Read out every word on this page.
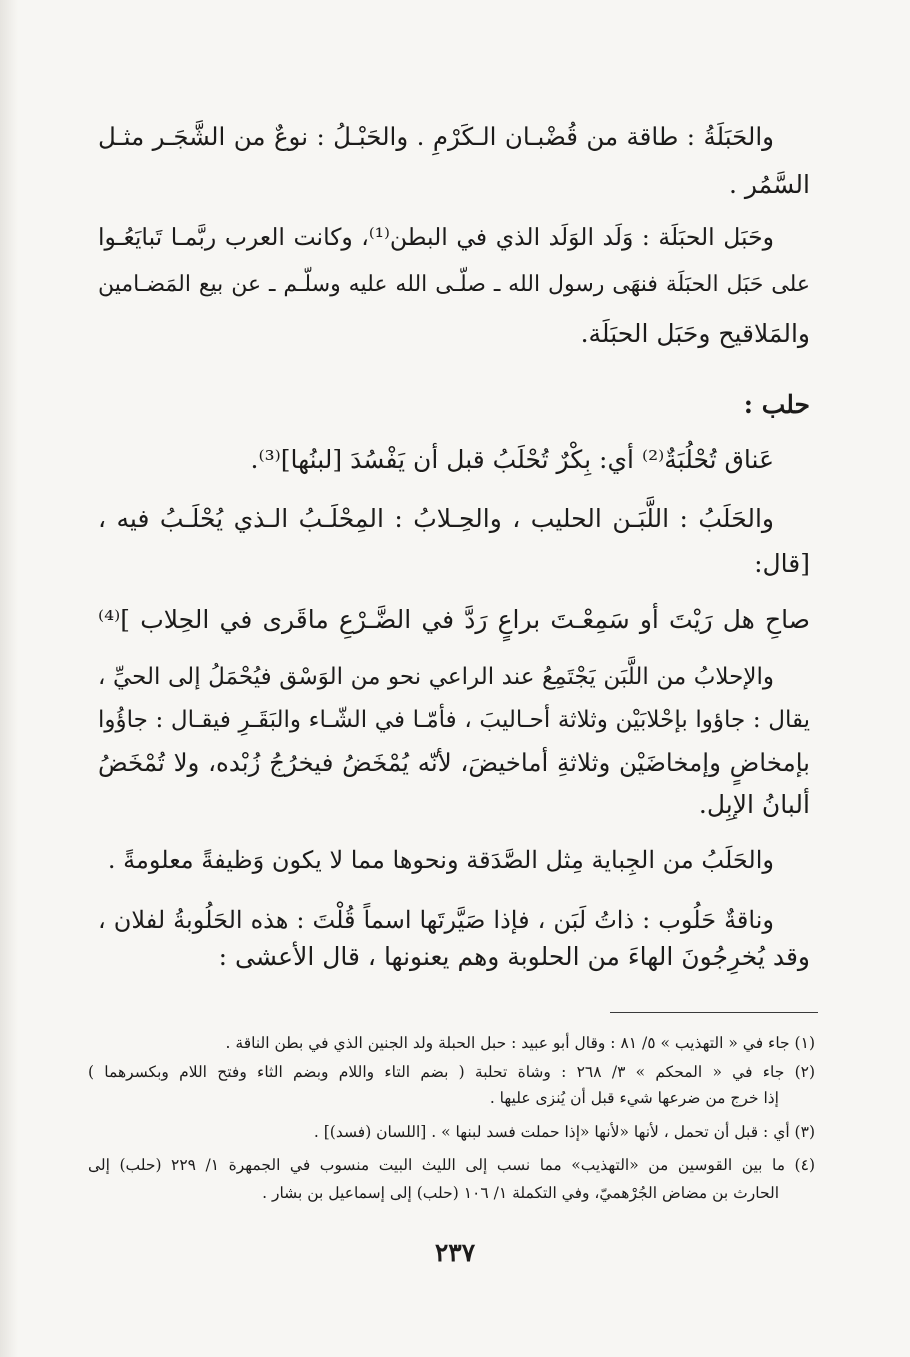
والحَبَلَةُ : طاقة من قُضْبـان الـكَرْمِ . والحَبْـلُ : نوعٌ من الشَّجَـر مثـل
السَّمُر .
وحَبَل الحبَلَة : وَلَد الوَلَد الذي في البطن⁽¹⁾، وكانت العرب ربَّمـا تَبايَعُـوا
على حَبَل الحبَلَة فنهَى رسول الله ـ صلّـى الله عليه وسلّـم ـ عن بيع المَضـامين
والمَلاقيح وحَبَل الحبَلَة.
حلب :
عَناق تُحْلُبَةٌ⁽²⁾ أي: بِكْرٌ تُحْلَبُ قبل أن يَفْسُدَ [لبنُها]⁽³⁾.
والحَلَبُ : اللَّبَـن الحليب ، والحِـلابُ : المِحْلَـبُ الـذي يُحْلَـبُ فيه ،
[قال:
صاحِ هل رَيْتَ أو سَمِعْـتَ براعٍ رَدَّ في الضَّـرْعِ ماقَرى في الحِلاب ]⁽⁴⁾
والإحلابُ من اللَّبَن يَجْتَمِعُ عند الراعي نحو من الوَسْق فيُحْمَلُ إلى الحيِّ ،
يقال : جاؤوا بإحْلابَيْن وثلاثة أحـاليبَ ، فأمّـا في الشّـاء والبَقَـرِ فيقـال : جاؤُوا
بإمخاضٍ وإمخاضَيْن وثلاثةِ أماخيضَ، لأنّه يُمْخَضُ فيخرُجُ زُبْده، ولا تُمْخَضُ
ألبانُ الإبِل.
والحَلَبُ من الجِباية مِثل الصَّدَقة ونحوها مما لا يكون وَظيفةً معلومةً .
وناقةٌ حَلُوب : ذاتُ لَبَن ، فإذا صَيَّرتَها اسماً قُلْتَ : هذه الحَلُوبةُ لفلان ،
وقد يُخرِجُونَ الهاءَ من الحلوبة وهم يعنونها ، قال الأعشى :
(١) جاء في « التهذيب » ٥/ ٨١ : وقال أبو عبيد : حبل الحبلة ولد الجنين الذي في بطن الناقة .
(٢) جاء في « المحكم » ٣/ ٢٦٨ : وشاة تحلبة ( بضم التاء واللام وبضم الثاء وفتح اللام وبكسرهما )
إذا خرج من ضرعها شيء قبل أن يُنزى عليها .
(٣) أي : قبل أن تحمل ، لأنها «لأنها «إذا حملت فسد لبنها » . [اللسان (فسد)] .
(٤) ما بين القوسين من «التهذيب» مما نسب إلى الليث البيت منسوب في الجمهرة ١/ ٢٢٩ (حلب) إلى
الحارث بن مضاض الجُرْهميّ، وفي التكملة ١/ ١٠٦ (حلب) إلى إسماعيل بن بشار .
٢٣٧
